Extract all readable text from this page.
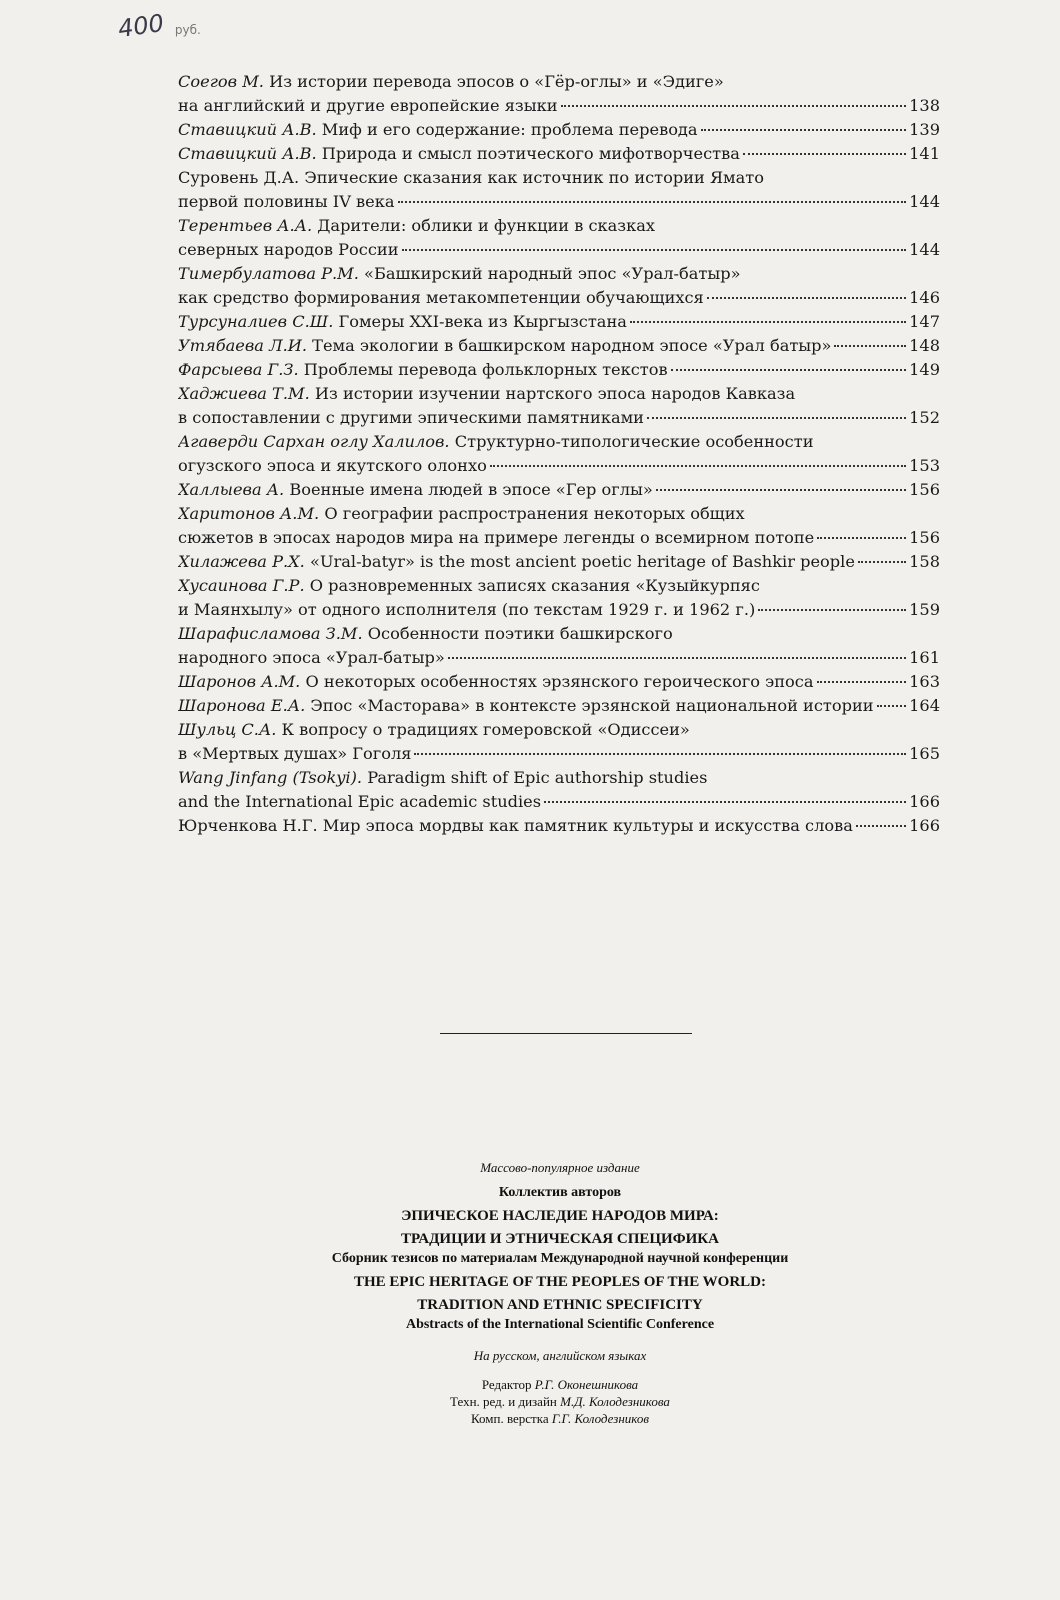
400 руб.
Соегов М. Из истории перевода эпосов о «Гёр-оглы» и «Эдиге»
на английский и другие европейские языки	138
Ставицкий А.В. Миф и его содержание: проблема перевода	139
Ставицкий А.В. Природа и смысл поэтического мифотворчества	141
Суровень Д.А. Эпические сказания как источник по истории Ямато
первой половины IV века	144
Терентьев А.А. Дарители: облики и функции в сказках
северных народов России	144
Тимербулатова Р.М. «Башкирский народный эпос «Урал-батыр»
как средство формирования метакомпетенции обучающихся	146
Турсуналиев С.Ш. Гомеры XXI-века из Кыргызстана	147
Утябаева Л.И. Тема экологии в башкирском народном эпосе «Урал батыр»	148
Фарсыева Г.З. Проблемы перевода фольклорных текстов	149
Хаджиева Т.М. Из истории изучении нартского эпоса народов Кавказа
в сопоставлении с другими эпическими памятниками	152
Агаверди Сархан оглу Халилов. Структурно-типологические особенности
огузского эпоса и якутского олонхо	153
Халлыева А. Военные имена людей в эпосе «Гер оглы»	156
Харитонов А.М. О географии распространения некоторых общих
сюжетов в эпосах народов мира на примере легенды о всемирном потопе	156
Хилажева Р.Х. «Ural-batyr» is the most ancient poetic heritage of Bashkir people	158
Хусаинова Г.Р. О разновременных записях сказания «Кузыйкурпяс
и Маянхылу» от одного исполнителя (по текстам 1929 г. и 1962 г.)	159
Шарафисламова З.М. Особенности поэтики башкирского
народного эпоса «Урал-батыр»	161
Шаронов А.М. О некоторых особенностях эрзянского героического эпоса	163
Шаронова Е.А. Эпос «Масторава» в контексте эрзянской национальной истории 164
Шульц С.А. К вопросу о традициях гомеровской «Одиссеи»
в «Мертвых душах» Гоголя	165
Wang Jinfang (Tsokyi). Paradigm shift of Epic authorship studies
and the International Epic academic studies	166
Юрченкова Н.Г. Мир эпоса мордвы как памятник культуры и искусства слова	166
Массово-популярное издание
Коллектив авторов
ЭПИЧЕСКОЕ НАСЛЕДИЕ НАРОДОВ МИРА:
ТРАДИЦИИ И ЭТНИЧЕСКАЯ СПЕЦИФИКА
Сборник тезисов по материалам Международной научной конференции
THE EPIC HERITAGE OF THE PEOPLES OF THE WORLD:
TRADITION AND ETHNIC SPECIFICITY
Abstracts of the International Scientific Conference
На русском, английском языках
Редактор Р.Г. Оконешникова
Техн. ред. и дизайн М.Д. Колодезникова
Комп. верстка Г.Г. Колодезников
